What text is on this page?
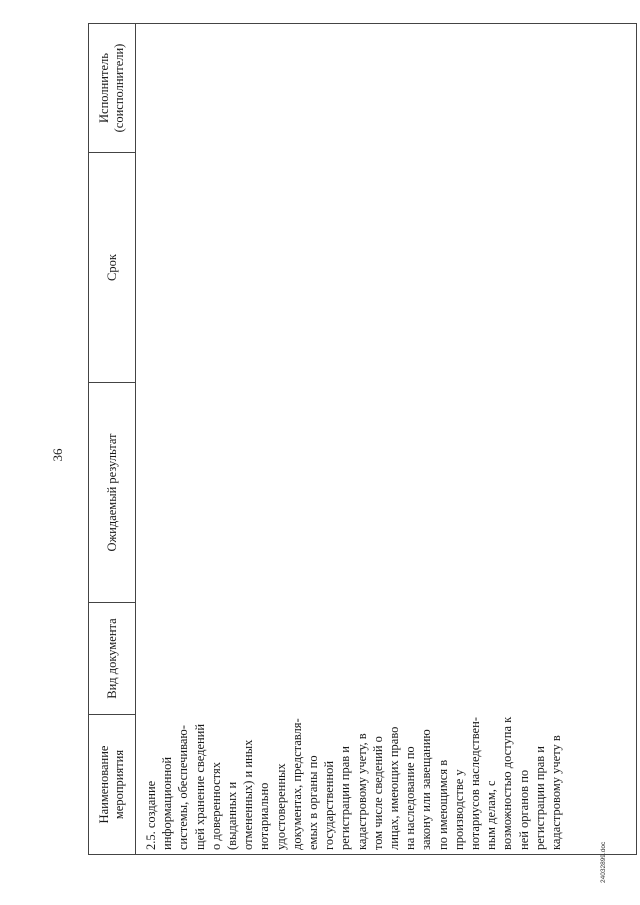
36
Наименование мероприятия
Вид документа
Ожидаемый результат
Срок
Исполнитель (соисполнители)
2.5. создание информационной системы, обеспечиваю- щей хранение сведений о доверенностях (выданных и отмененных) и иных нотариально удостоверенных документах, представля- емых в органы по государственной регистрации прав и кадастровому учету, в том числе сведений о лицах, имеющих право на наследование по закону или завещанию по имеющимся в производстве у нотариусов наследствен- ным делам, с возможностью доступа к ней органов по регистрации прав и кадастровому учету в
24032899.doc
